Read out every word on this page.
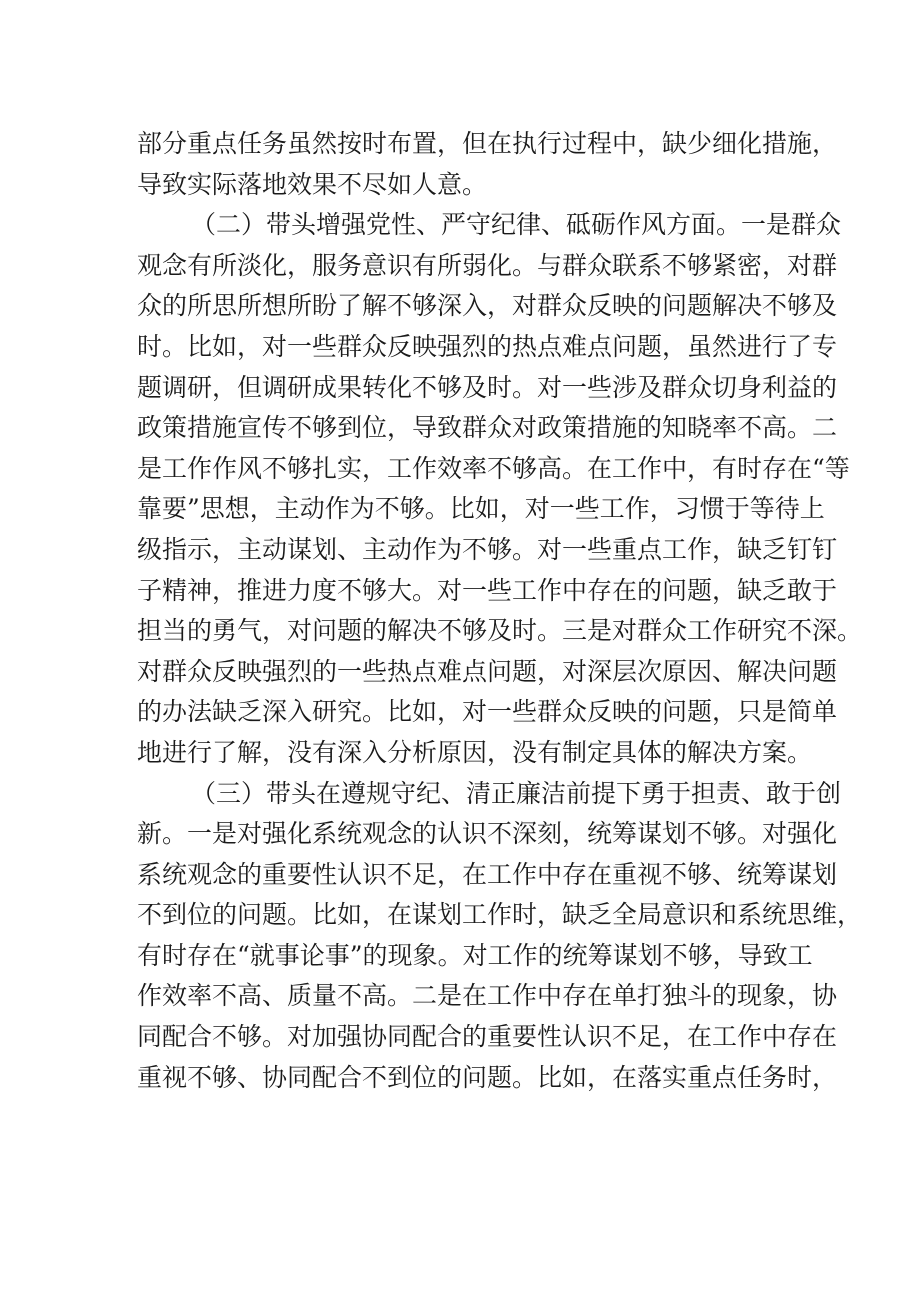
部分重点任务虽然按时布置，但在执行过程中，缺少细化措施，
导致实际落地效果不尽如人意。
（二）带头增强党性、严守纪律、砥砺作风方面。一是群众
观念有所淡化，服务意识有所弱化。与群众联系不够紧密，对群
众的所思所想所盼了解不够深入，对群众反映的问题解决不够及
时。比如，对一些群众反映强烈的热点难点问题，虽然进行了专
题调研，但调研成果转化不够及时。对一些涉及群众切身利益的
政策措施宣传不够到位，导致群众对政策措施的知晓率不高。二
是工作作风不够扎实，工作效率不够高。在工作中，有时存在“等
靠要”思想，主动作为不够。比如，对一些工作，习惯于等待上
级指示，主动谋划、主动作为不够。对一些重点工作，缺乏钉钉
子精神，推进力度不够大。对一些工作中存在的问题，缺乏敢于
担当的勇气，对问题的解决不够及时。三是对群众工作研究不深。
对群众反映强烈的一些热点难点问题，对深层次原因、解决问题
的办法缺乏深入研究。比如，对一些群众反映的问题，只是简单
地进行了解，没有深入分析原因，没有制定具体的解决方案。
（三）带头在遵规守纪、清正廉洁前提下勇于担责、敢于创
新。一是对强化系统观念的认识不深刻，统筹谋划不够。对强化
系统观念的重要性认识不足，在工作中存在重视不够、统筹谋划
不到位的问题。比如，在谋划工作时，缺乏全局意识和系统思维，
有时存在“就事论事”的现象。对工作的统筹谋划不够，导致工
作效率不高、质量不高。二是在工作中存在单打独斗的现象，协
同配合不够。对加强协同配合的重要性认识不足，在工作中存在
重视不够、协同配合不到位的问题。比如，在落实重点任务时，
